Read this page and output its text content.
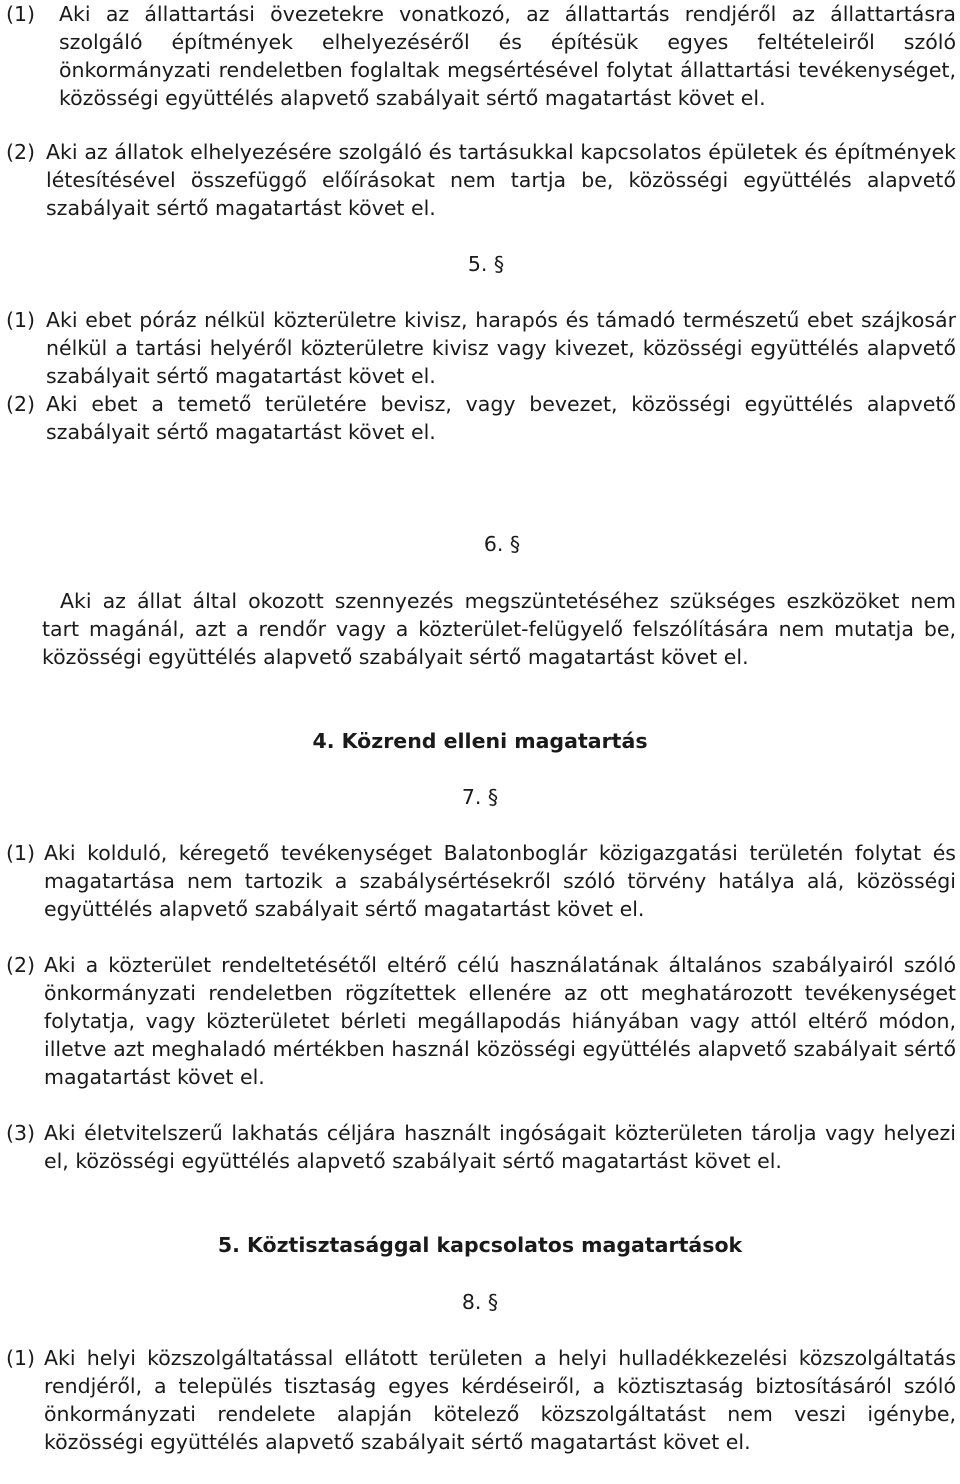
(1)	Aki az állattartási övezetekre vonatkozó, az állattartás rendjéről az állattartásra szolgáló építmények elhelyezéséről és építésük egyes feltételeiről szóló önkormányzati rendeletben foglaltak megsértésével folytat állattartási tevékenységet, közösségi együttélés alapvető szabályait sértő magatartást követ el.
(2) Aki az állatok elhelyezésére szolgáló és tartásukkal kapcsolatos épületek és építmények létesítésével összefüggő előírásokat nem tartja be, közösségi együttélés alapvető szabályait sértő magatartást követ el.
5. §
(1) Aki ebet póráz nélkül közterületre kivisz, harapós és támadó természetű ebet szájkosár nélkül a tartási helyéről közterületre kivisz vagy kivezet, közösségi együttélés alapvető szabályait sértő magatartást követ el.
(2) Aki ebet a temető területére bevisz, vagy bevezet, közösségi együttélés alapvető szabályait sértő magatartást követ el.
6. §
Aki az állat által okozott szennyezés megszüntetéséhez szükséges eszközöket nem tart magánál, azt a rendőr vagy a közterület-felügyelő felszólítására nem mutatja be, közösségi együttélés alapvető szabályait sértő magatartást követ el.
4. Közrend elleni magatartás
7. §
(1) Aki kolduló, kéregető tevékenységet Balatonboglár közigazgatási területén folytat és magatartása nem tartozik a szabálysértésekről szóló törvény hatálya alá, közösségi együttélés alapvető szabályait sértő magatartást követ el.
(2) Aki a közterület rendeltetésétől eltérő célú használatának általános szabályairól szóló önkormányzati rendeletben rögzítettek ellenére az ott meghatározott tevékenységet folytatja, vagy közterületet bérleti megállapodás hiányában vagy attól eltérő módon, illetve azt meghaladó mértékben használ közösségi együttélés alapvető szabályait sértő magatartást követ el.
(3) Aki életvitelszerű lakhatás céljára használt ingóságait közterületen tárolja vagy helyezi el, közösségi együttélés alapvető szabályait sértő magatartást követ el.
5. Köztisztasággal kapcsolatos magatartások
8. §
(1) Aki helyi közszolgáltatással ellátott területen a helyi hulladékkezelési közszolgáltatás rendjéről, a település tisztaság egyes kérdéseiről, a köztisztaság biztosításáról szóló önkormányzati rendelete alapján kötelező közszolgáltatást nem veszi igénybe, közösségi együttélés alapvető szabályait sértő magatartást követ el.
